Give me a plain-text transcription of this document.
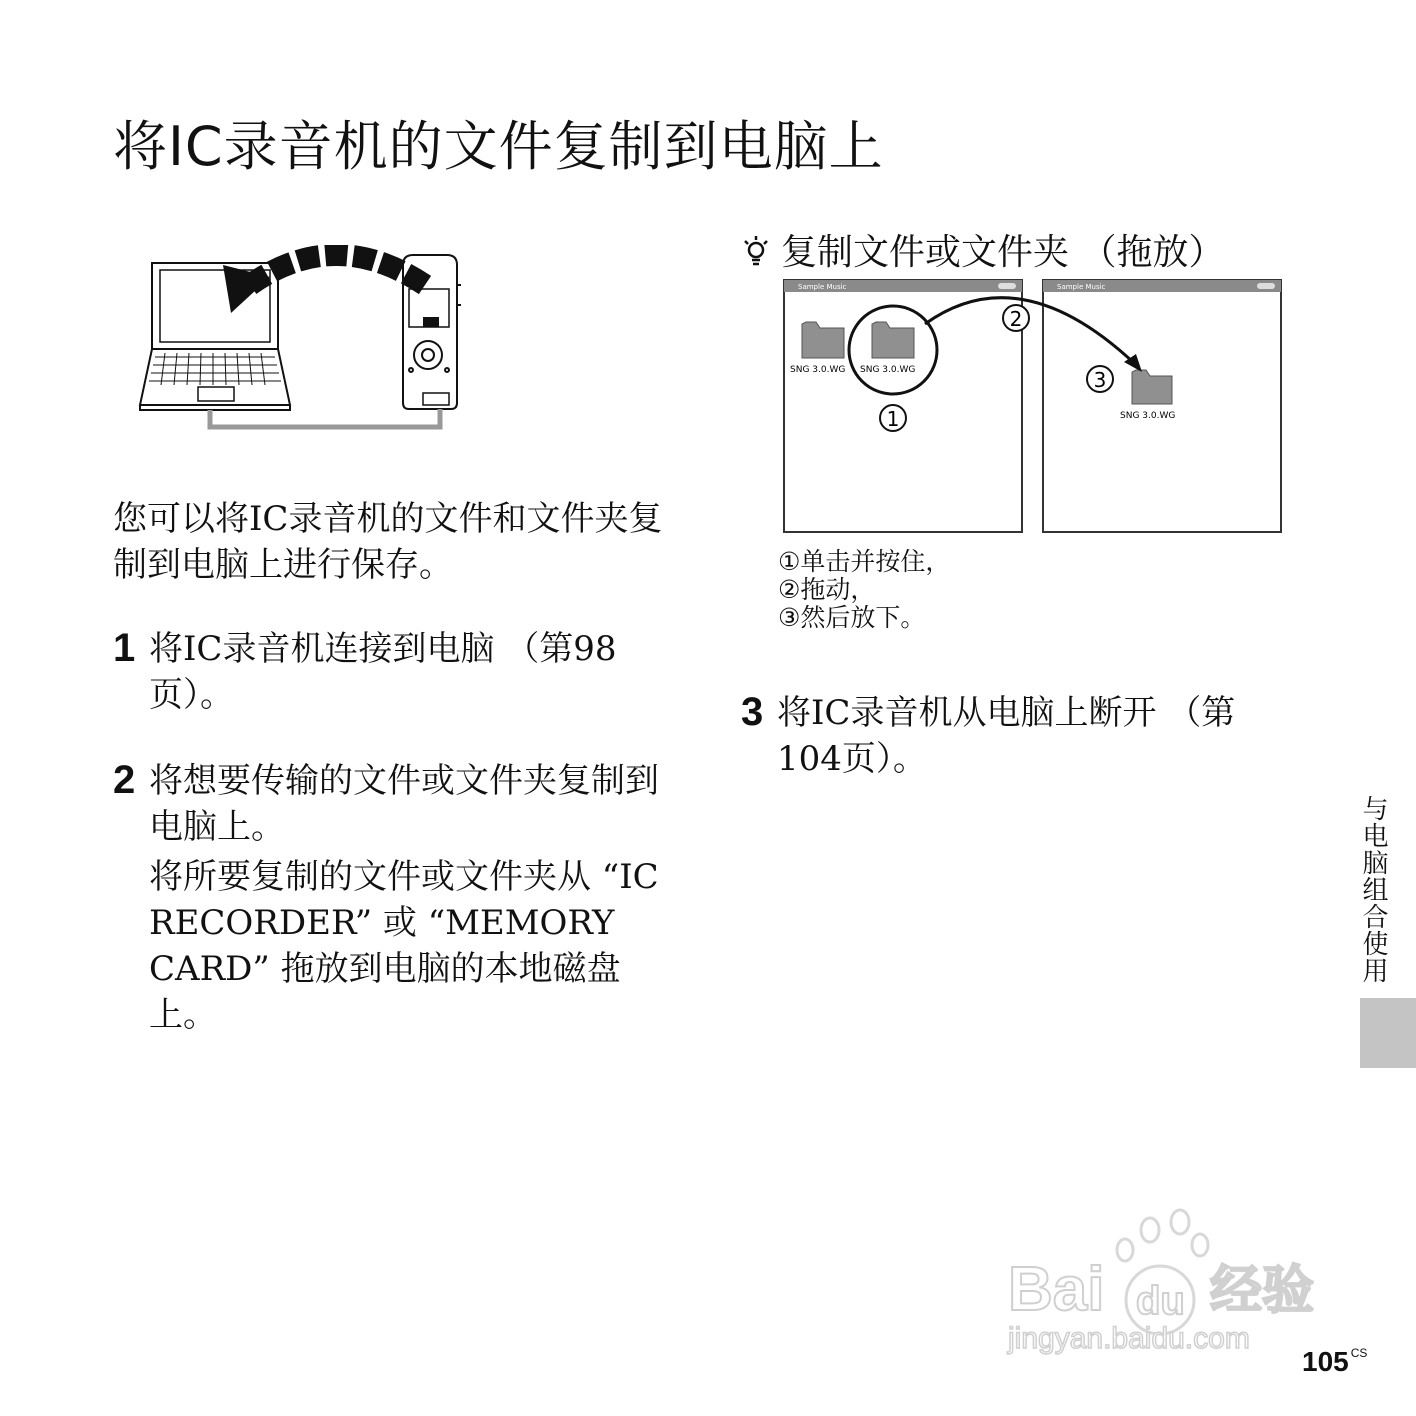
将IC录音机的文件复制到电脑上
您可以将IC录音机的文件和文件夹复制到电脑上进行保存。
1 将IC录音机连接到电脑 （第98页）。
2 将想要传输的文件或文件夹复制到电脑上。
将所要复制的文件或文件夹从 “IC RECORDER” 或 “MEMORY CARD” 拖放到电脑的本地磁盘上。
复制文件或文件夹 （拖放）
Sample Music
SNG 3.0.WG SNG 3.0.WG
Sample Music
SNG 3.0.WG
1
2
3
①单击并按住，
②拖动，
③然后放下。
3 将IC录音机从电脑上断开 （第104页）。
与电脑组合使用
Bai du 经验
jingyan.baidu.com
105 $^{CS}$
